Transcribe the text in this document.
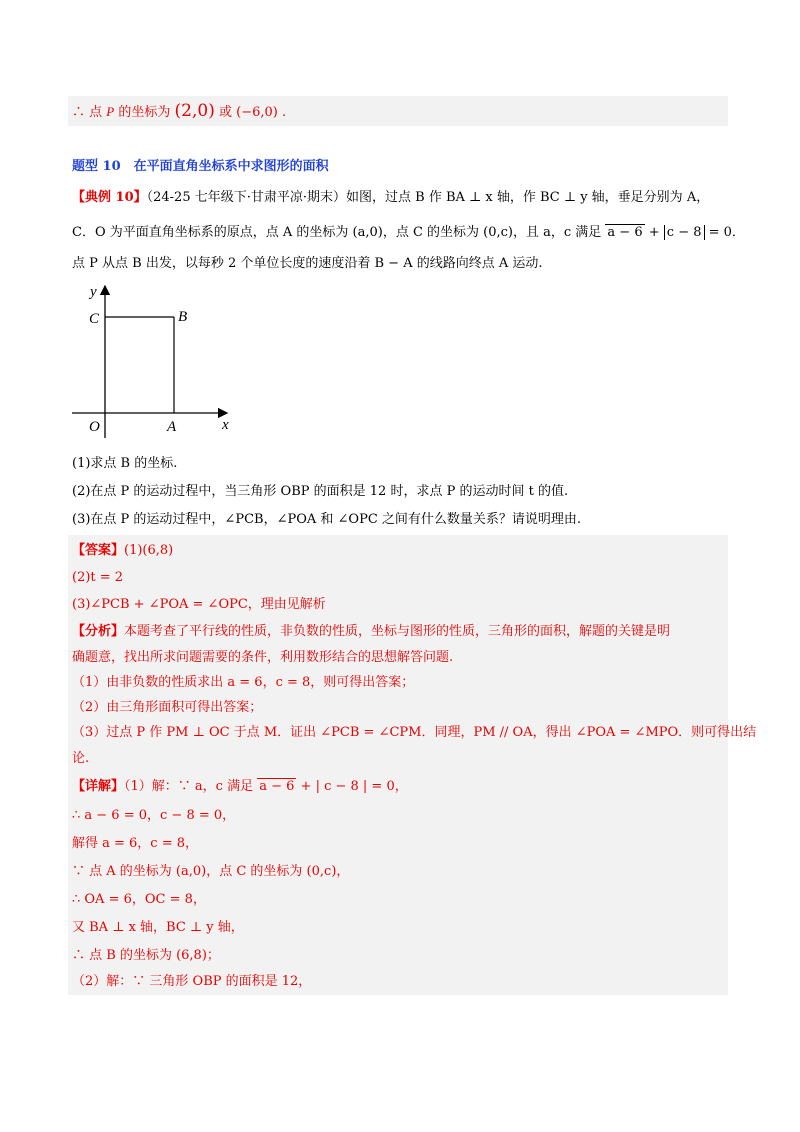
∴ 点 P 的坐标为 (2,0) 或 (−6,0) .
题型 10　在平面直角坐标系中求图形的面积
【典例 10】（24-25 七年级下·甘肃平凉·期末）如图，过点 B 作 BA ⊥ x 轴，作 BC ⊥ y 轴，垂足分别为 A，
C．O 为平面直角坐标系的原点，点 A 的坐标为 (a,0)，点 C 的坐标为 (0,c)，且 a，c 满足 a − 6 + c − 8 = 0．
点 P 从点 B 出发，以每秒 2 个单位长度的速度沿着 B − A 的线路向终点 A 运动.
y
x
C	B
O	A
(1)求点 B 的坐标.
(2)在点 P 的运动过程中，当三角形 OBP 的面积是 12 时，求点 P 的运动时间 t 的值.
(3)在点 P 的运动过程中，∠PCB，∠POA 和 ∠OPC 之间有什么数量关系？请说明理由.
【答案】(1)(6,8)
(2)t = 2
(3)∠PCB + ∠POA = ∠OPC，理由见解析
【分析】本题考查了平行线的性质，非负数的性质，坐标与图形的性质，三角形的面积，解题的关键是明
确题意，找出所求问题需要的条件，利用数形结合的思想解答问题.
（1）由非负数的性质求出 a = 6，c = 8，则可得出答案；
（2）由三角形面积可得出答案；
（3）过点 P 作 PM ⊥ OC 于点 M．证出 ∠PCB = ∠CPM．同理，PM // OA，得出 ∠POA = ∠MPO．则可得出结
论.
【详解】（1）解：∵ a，c 满足 a − 6 + | c − 8 | = 0，
∴ a − 6 = 0，c − 8 = 0，
解得 a = 6，c = 8，
∵ 点 A 的坐标为 (a,0)，点 C 的坐标为 (0,c)，
∴ OA = 6，OC = 8，
又 BA ⊥ x 轴，BC ⊥ y 轴，
∴ 点 B 的坐标为 (6,8)；
（2）解：∵ 三角形 OBP 的面积是 12，
